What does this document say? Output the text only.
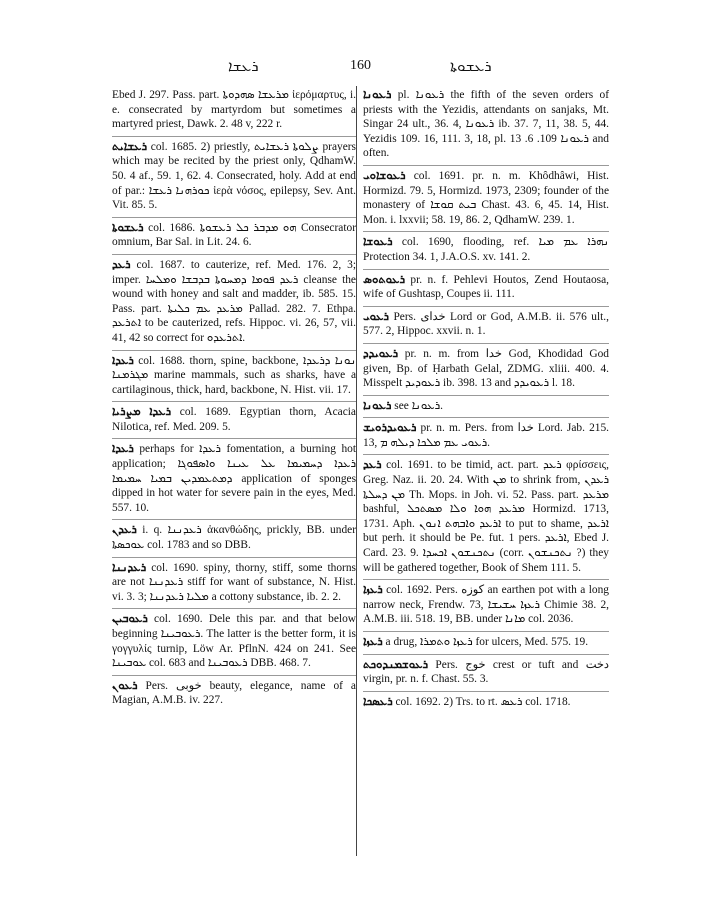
ܪܥܫܐ	160	ܪܥܫܘܬܐ

Ebed J. 297. Pass. part. ܡܪܥܫܐ ܣܗܕܘܬܐ ἱερόμαρτυς, i. e. consecrated by martyrdom but sometimes a martyred priest, Dawk. 2. 48 v, 222 r.

ܪܥܫܐܝܬ col. 1685. 2) priestly, ܨܠܘܬܐ ܪܥܫܐܝܬ prayers which may be recited by the priest only, QdhamW. 50. 4 af., 59. 1, 62. 4. Consecrated, holy. Add at end of par.: ܟܘܪܗܢܐ ܪܥܫܐ ἱερὰ νόσος, epilepsy, Sev. Ant. Vit. 85. 5.

ܪܥܫܘܬܐ col. 1686. ܗܘ ܡܕܒܪ ܟܠ ܪܥܫܘܬܐ Consecrator omnium, Bar Sal. in Lit. 24. 6.

ܪܥܕ col. 1687. to cauterize, ref. Med. 176. 2, 3; imper. ܪܥܕ ܦܘܡܐ ܕܡܚܘܬܐ ܒܕܒܫܐ ܘܡܠܚܐ cleanse the wound with honey and salt and madder, ib. 585. 15. Pass. part. ܡܪܥܕ ܥܡ ܟܠܝܬܐ Pallad. 282. 7. Ethpa. ܐܬܪܥܕ to be cauterized, refs. Hippoc. vi. 26, 57, vii. 41, 42 so correct for ܐܬܪܥܕܘ.

ܪܥܕܐ col. 1688. thorn, spine, backbone, ܢܘܢܐ ܕܪܥܕܐ ܡܓܪܡܢܐ marine mammals, such as sharks, have a cartilaginous, thick, hard, backbone, N. Hist. vii. 17.

ܪܥܕܐ ܡܨܪܝܐ col. 1689. Egyptian thorn, Acacia Nilotica, ref. Med. 209. 5.

ܪܥܕܐ perhaps for ܪܥܕܐ fomentation, a burning hot application; ܪܥܕܐ ܕܚܡܝܡܐ ܥܠ ܥܝܢܐ ܘܐܣܦܘܓܐ ܕܡܬܥܡܕܝܢ ܒܡܝܐ ܚܡܝܡܐ application of sponges dipped in hot water for severe pain in the eyes, Med. 557. 10.

ܪܥܕܢ i. q. ܪܥܕܢܢܐ ἀκανθώδης, prickly, BB. under ܥܘܟܣܬܐ col. 1783 and so DBB.

ܪܥܕܢܢܐ col. 1690. spiny, thorny, stiff, some thorns are not ܪܥܕܢܢܐ stiff for want of substance, N. Hist. vi. 3. 3; ܡܠܝܐ ܪܥܕܢܢܐ a cottony substance, ib. 2. 2.

ܪܥܘܒܝܢ col. 1690. Dele this par. and that below beginning ܪܥܘܒܝܢܐ. The latter is the better form, it is γογγυλίς turnip, Löw Ar. PflnN. 424 on 241. See ܥܘܒܝܢܐ col. 683 and ܪܥܘܒܝܢܐ DBB. 468. 7.

ܪܥܘܢ Pers. خوبی beauty, elegance, name of a Magian, A.M.B. iv. 227.

ܪܥܘܢܐ pl. ܪܥܘܢܐ the fifth of the seven orders of priests with the Yezidis, attendants on sanjaks, Mt. Singar 24 ult., 36. 4, ܪܥܘܢܐ ib. 37. 7, 11, 38. 5, 44. Yezidis 109. 16, 111. 3, 18, pl. ܪܥܘܢܐ 109. 6. 13 and often.

ܪܥܘܫܐܘܝ col. 1691. pr. n. m. Khôdhâwi, Hist. Hormizd. 79. 5, Hormizd. 1973, 2309; founder of the monastery of ܒܝܬ ܩܘܫܐ Chast. 43. 6, 45. 14, Hist. Mon. i. lxxvii; 58. 19, 86. 2, QdhamW. 239. 1.

ܪܥܘܫܐ col. 1690, flooding, ref. ܢܗܪܐ ܥܡ ܡܝܐ Protection 34. 1, J.A.O.S. xv. 141. 2.

ܪܥܘܬܘܣ pr. n. f. Pehlevi Houtos, Zend Houtaosa, wife of Gushtasp, Coupes ii. 111.

ܪܥܘܝ Pers. خدای Lord or God, A.M.B. ii. 576 ult., 577. 2, Hippoc. xxvii. n. 1.

ܪܥܘܝܕܕ pr. n. m. from خدا God, Khodidad God given, Bp. of Ḥarbath Gelal, ZDMG. xliii. 400. 4. Misspelt ܪܥܘܕܝܕ ib. 398. 13 and ܪܥܘܝܕܕ l. 18.

ܪܥܘܢܐ see ܪܥܘܢܐ.

ܪܥܘܝܕܪܘܝܫ pr. n. m. Pers. from خدا Lord. Jab. 215. 13, ܪܥܘܝ ܥܡ ܡܠܟܐ ܕܝܠܗ ܡ.

ܪܥܕ col. 1691. to be timid, act. part. ܪܥܕ φρίσσεις, Greg. Naz. ii. 20. 24. With ܡܢ to shrink from, ܪܥܕܢ ܡܢ ܕܚܠܬܐ Th. Mops. in Joh. vi. 52. Pass. part. ܡܪܥܕ bashful, ܡܪܥܕ ܗܘܐ ܘܠܐ ܡܣܬܟܠ Hormizd. 1713, 1731. Aph. ܐܪܥܕ ܘܐܒܗܬ ܐܢܘܢ to put to shame, ܐܪܥܕ but perh. it should be Pe. fut. 1 pers. ܐܪܥܕ, Ebed J. Card. 23. 9. ܢܬܟܢܫܘܢ ܐܟܚܕܐ (corr. ܢܬܟܢܫܘܢ ?) they will be gathered together, Book of Shem 111. 5.

ܪܥܙܐ col. 1692. Pers. کوزه an earthen pot with a long narrow neck, Frendw. 73, ܪܥܙܐ ܚܫܝܫܐ Chimie 38. 2, A.M.B. iii. 518. 19, BB. under ܡܐܢܐ col. 2036.

ܪܥܙܐ a drug, ܪܥܙܐ ܘܬܡܪܐ for ulcers, Med. 575. 19.

ܪܥܘܫܡܢܕܘܟܬ Pers. خوج crest or tuft and دخت virgin, pr. n. f. Chast. 55. 3.

ܪܥܣܟܐ col. 1692. 2) Trs. to rt. ܪܥܣ col. 1718.
